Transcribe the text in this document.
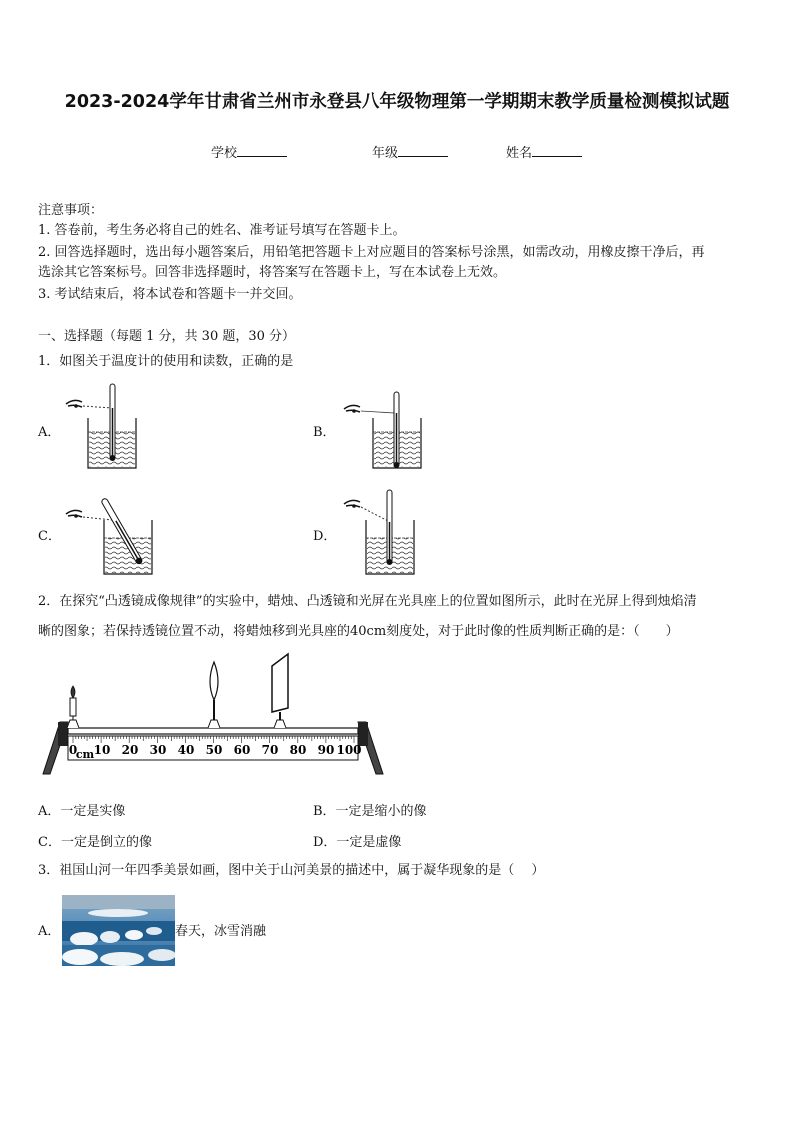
2023-2024学年甘肃省兰州市永登县八年级物理第一学期期末教学质量检测模拟试题
学校	年级	姓名
注意事项：
1. 答卷前，考生务必将自己的姓名、准考证号填写在答题卡上。
2. 回答选择题时，选出每小题答案后，用铅笔把答题卡上对应题目的答案标号涂黑，如需改动，用橡皮擦干净后，再
选涂其它答案标号。回答非选择题时，将答案写在答题卡上，写在本试卷上无效。
3. 考试结束后，将本试卷和答题卡一并交回。
一、选择题（每题 1 分，共 30 题，30 分）
1．如图关于温度计的使用和读数，正确的是
A．	B．
C．	D．
2．在探究“凸透镜成像规律”的实验中，蜡烛、凸透镜和光屏在光具座上的位置如图所示，此时在光屏上得到烛焰清
晰的图象；若保持透镜位置不动，将蜡烛移到光具座的40cm刻度处，对于此时像的性质判断正确的是：（　　）
0 10 20 30 40 50 60 70 80 90 100
cm
A．一定是实像	B．一定是缩小的像
C．一定是倒立的像	D．一定是虚像
3．祖国山河一年四季美景如画，图中关于山河美景的描述中，属于凝华现象的是（　 ）
A．	春天，冰雪消融
